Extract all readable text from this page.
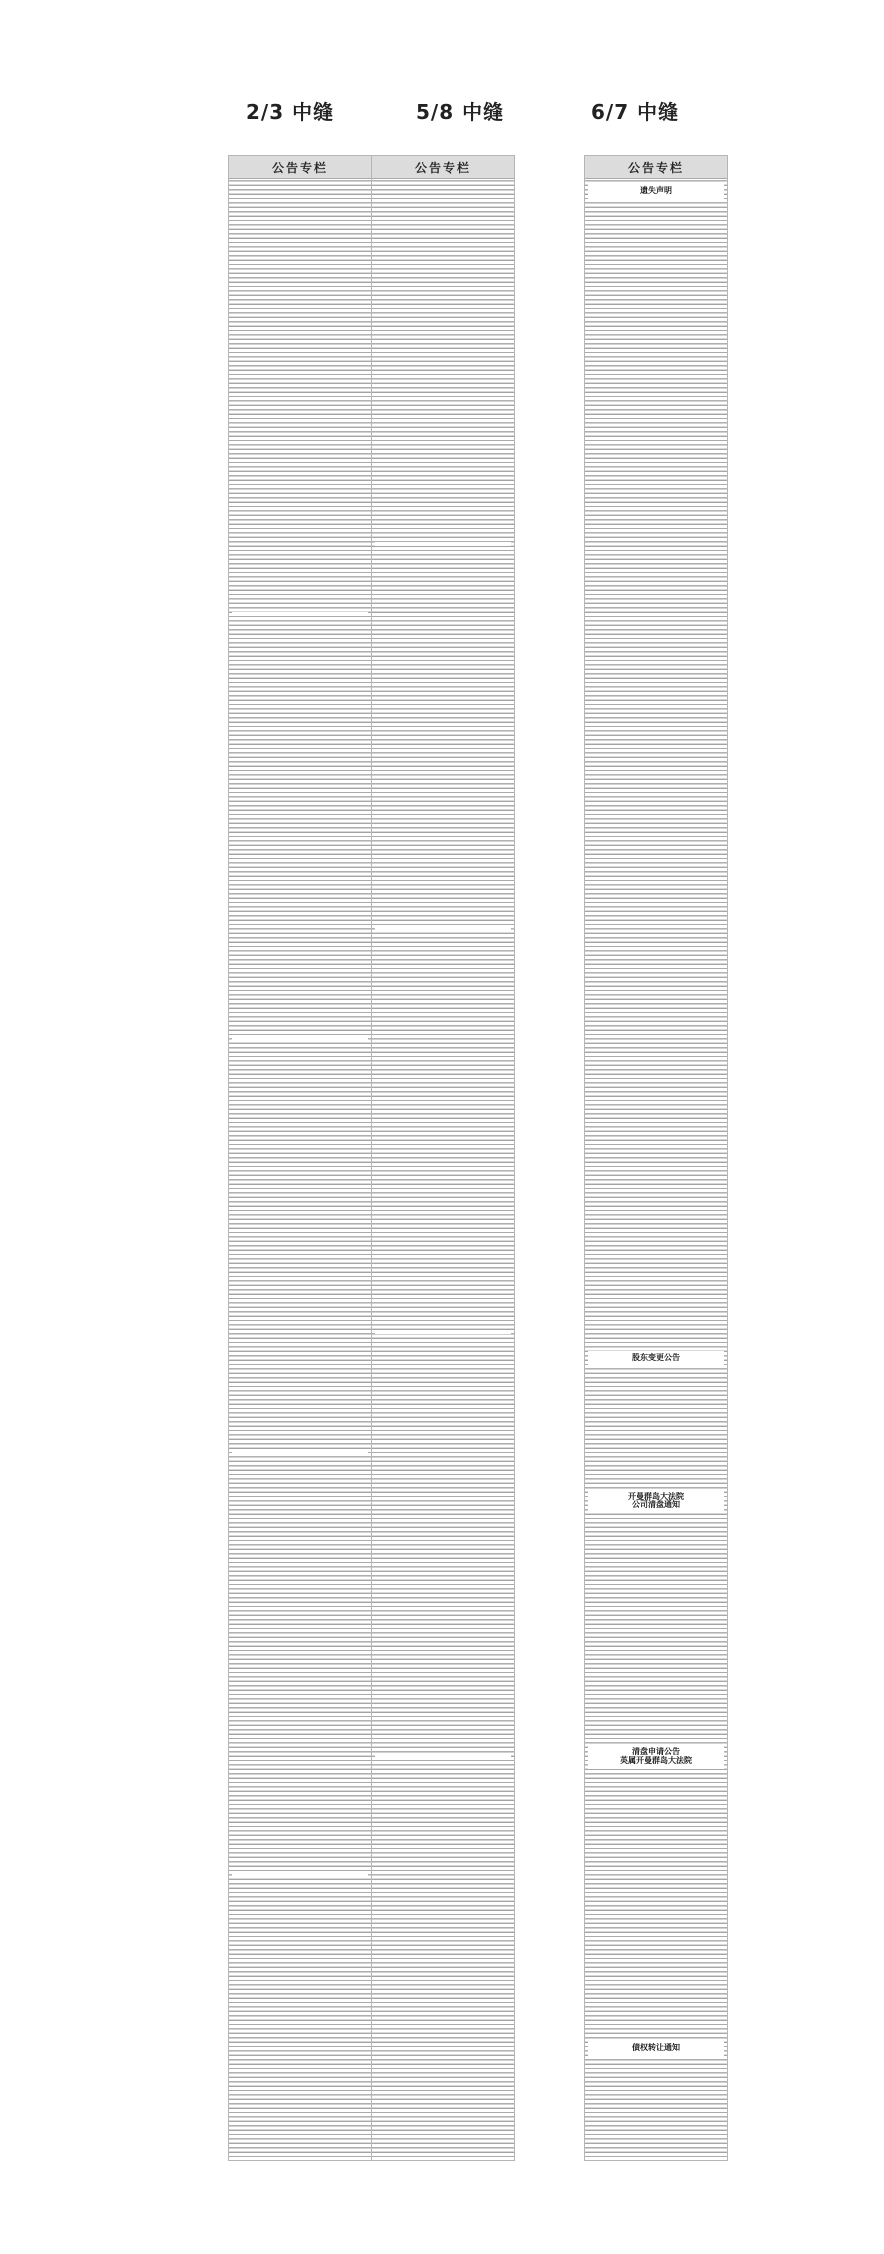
2/3 中缝	5/8 中缝	6/7 中缝
公告专栏	公告专栏	公告专栏
遗失声明
股东变更公告
开曼群岛大法院
公司清盘通知
清盘申请公告
英属开曼群岛大法院
债权转让通知
